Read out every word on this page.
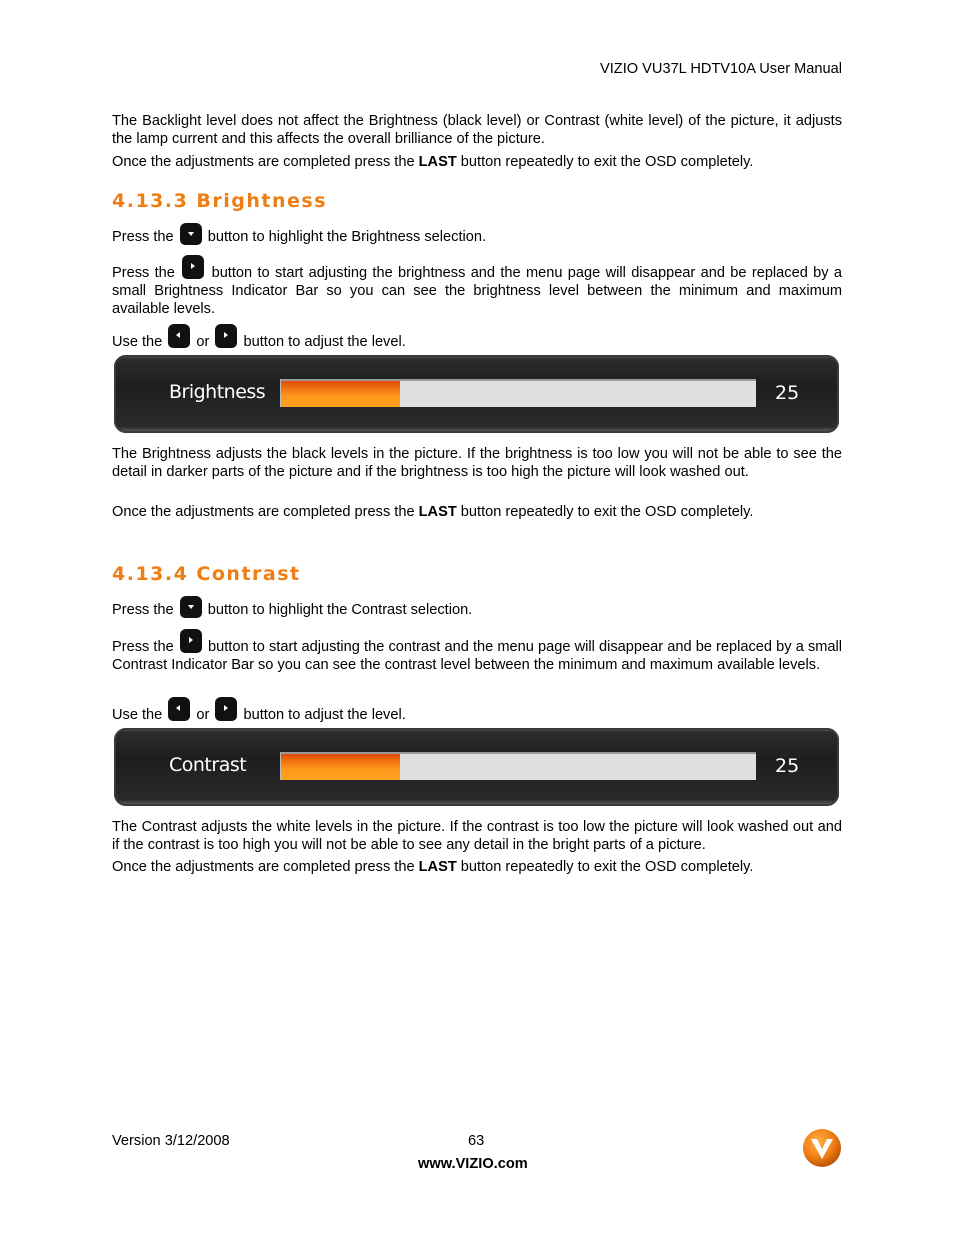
VIZIO VU37L HDTV10A User Manual

The Backlight level does not affect the Brightness (black level) or Contrast (white level) of the picture, it adjusts the lamp current and this affects the overall brilliance of the picture.

Once the adjustments are completed press the LAST button repeatedly to exit the OSD completely.

4.13.3 Brightness

Press the  button to highlight the Brightness selection.

Press the  button to start adjusting the brightness and the menu page will disappear and be replaced by a small Brightness Indicator Bar so you can see the brightness level between the minimum and maximum available levels.

Use the  or  button to adjust the level.

Brightness	25

The Brightness adjusts the black levels in the picture. If the brightness is too low you will not be able to see the detail in darker parts of the picture and if the brightness is too high the picture will look washed out.

Once the adjustments are completed press the LAST button repeatedly to exit the OSD completely.

4.13.4 Contrast

Press the  button to highlight the Contrast selection.

Press the  button to start adjusting the contrast and the menu page will disappear and be replaced by a small Contrast Indicator Bar so you can see the contrast level between the minimum and maximum available levels.

Use the  or  button to adjust the level.

Contrast	25

The Contrast adjusts the white levels in the picture. If the contrast is too low the picture will look washed out and if the contrast is too high you will not be able to see any detail in the bright parts of a picture.

Once the adjustments are completed press the LAST button repeatedly to exit the OSD completely.

Version 3/12/2008	63
www.VIZIO.com
